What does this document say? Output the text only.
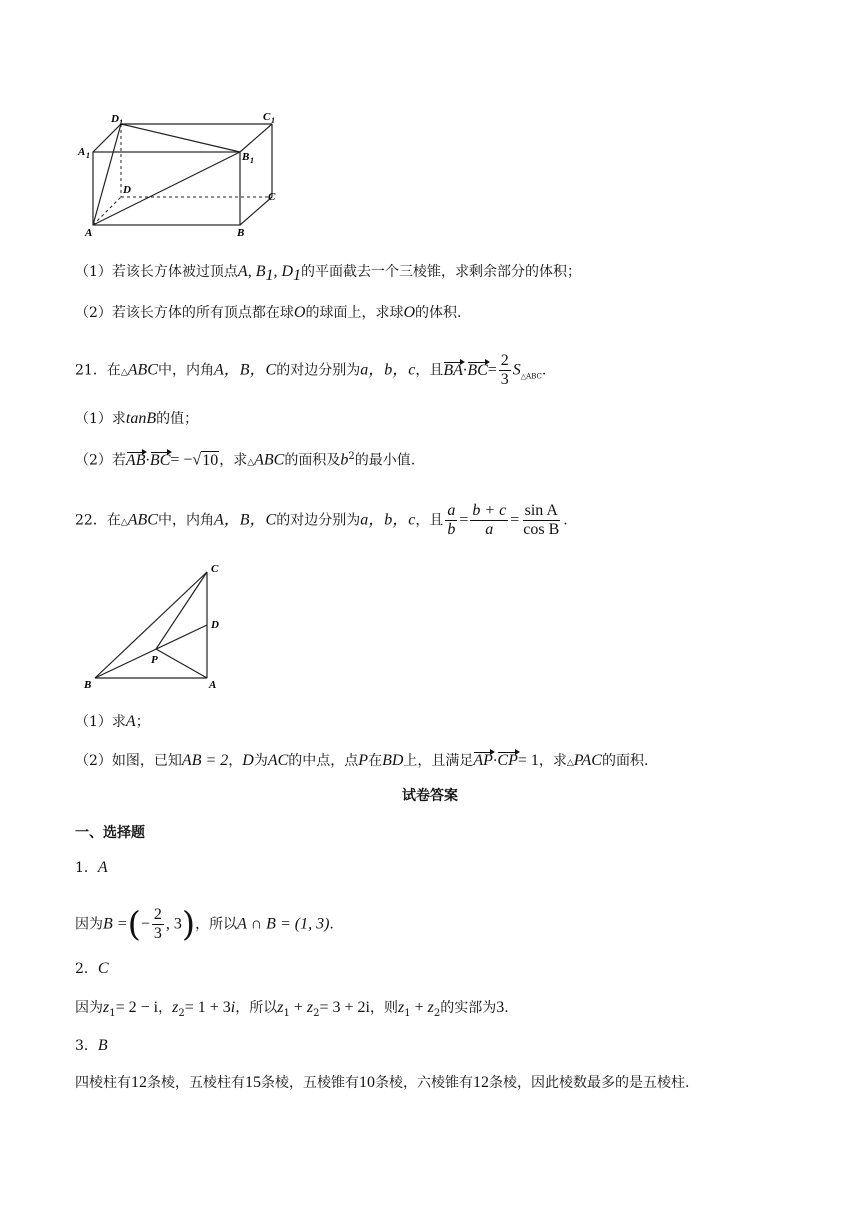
D 1	C 1
A 1	B 1
D
C
A	B
（1）若该长方体被过顶点A, $B_1$, $D_1$的平面截去一个三棱锥，求剩余部分的体积；
（2）若该长方体的所有顶点都在球O的球面上，求球O的体积.
21．在△ABC中，内角A，B，C的对边分别为a，b，c，且$BA\cdot BC= \frac{2}{3} S_{\triangle ABC}$.
（1）求tanB的值；
（2）若AB·BC= −√10，求△ABC的面积及$b^2$的最小值.
22．在△ABC中，内角A，B，C的对边分别为a，b，c，且 $\frac{a}{b} = \frac{b + c}{a} = \frac{\text{sin A}}{\text{cos B}}$ .
C
D
P
B	A
（1）求A；
（2）如图，已知AB = 2，D为AC的中点，点P在BD上，且满足AP·CP= 1，求△PAC的面积.
试卷答案
一、选择题
1．A
因为B =(− $\frac{2}{3}$ , 3)，所以A ∩ B = (1, 3).
2．C
因为$z_1= 2 - i$，$z_2= 1 + 3i$，所以$z_1 + z_2= 3 + 2i$，则$z_1 + z_2$的实部为3.
3．B
四棱柱有12条棱，五棱柱有15条棱，五棱锥有10条棱，六棱锥有12条棱，因此棱数最多的是五棱柱.
